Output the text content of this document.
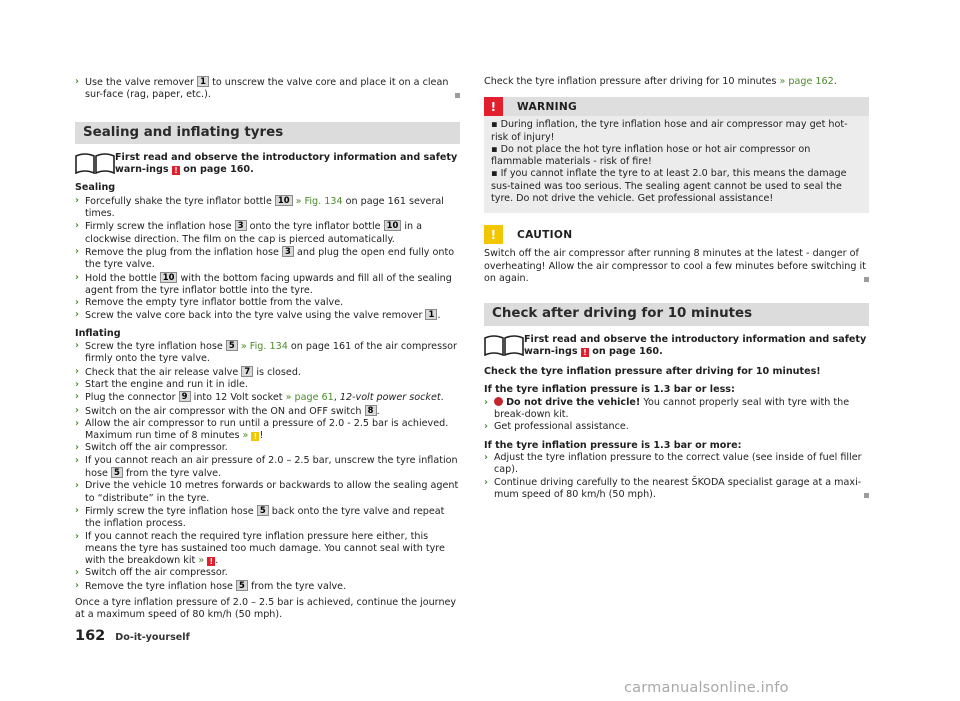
› Use the valve remover 1 to unscrew the valve core and place it on a clean sur-face (rag, paper, etc.).

Sealing and inflating tyres

First read and observe the introductory information and safety warn-ings ! on page 160.

Sealing

› Forcefully shake the tyre inflator bottle 10 » Fig. 134 on page 161 several times.

› Firmly screw the inflation hose 3 onto the tyre inflator bottle 10 in a clockwise direction. The film on the cap is pierced automatically.

› Remove the plug from the inflation hose 3 and plug the open end fully onto the tyre valve.

› Hold the bottle 10 with the bottom facing upwards and fill all of the sealing agent from the tyre inflator bottle into the tyre.

› Remove the empty tyre inflator bottle from the valve.

› Screw the valve core back into the tyre valve using the valve remover 1 .

Inflating

› Screw the tyre inflation hose 5 » Fig. 134 on page 161 of the air compressor firmly onto the tyre valve.

› Check that the air release valve 7 is closed.

› Start the engine and run it in idle.

› Plug the connector 9 into 12 Volt socket » page 61, 12-volt power socket.

› Switch on the air compressor with the ON and OFF switch 8 .

› Allow the air compressor to run until a pressure of 2.0 - 2.5 bar is achieved. Maximum run time of 8 minutes » ! !

› Switch off the air compressor.

› If you cannot reach an air pressure of 2.0 – 2.5 bar, unscrew the tyre inflation hose 5 from the tyre valve.

› Drive the vehicle 10 metres forwards or backwards to allow the sealing agent to “distribute” in the tyre.

› Firmly screw the tyre inflation hose 5 back onto the tyre valve and repeat the inflation process.

› If you cannot reach the required tyre inflation pressure here either, this means the tyre has sustained too much damage. You cannot seal with tyre with the breakdown kit » ! .

› Switch off the air compressor.

› Remove the tyre inflation hose 5 from the tyre valve.

Once a tyre inflation pressure of 2.0 – 2.5 bar is achieved, continue the journey at a maximum speed of 80 km/h (50 mph).

Check the tyre inflation pressure after driving for 10 minutes » page 162.

!	WARNING

▪ During inflation, the tyre inflation hose and air compressor may get hot- risk of injury!

▪ Do not place the hot tyre inflation hose or hot air compressor on flammable materials - risk of fire!

▪ If you cannot inflate the tyre to at least 2.0 bar, this means the damage sus-tained was too serious. The sealing agent cannot be used to seal the tyre. Do not drive the vehicle. Get professional assistance!

!	CAUTION

Switch off the air compressor after running 8 minutes at the latest - danger of overheating! Allow the air compressor to cool a few minutes before switching it on again.

Check after driving for 10 minutes

First read and observe the introductory information and safety warn-ings ! on page 160.

Check the tyre inflation pressure after driving for 10 minutes!

If the tyre inflation pressure is 1.3 bar or less:

› Do not drive the vehicle! You cannot properly seal with tyre with the break-down kit.

› Get professional assistance.

If the tyre inflation pressure is 1.3 bar or more:

› Adjust the tyre inflation pressure to the correct value (see inside of fuel filler cap).

› Continue driving carefully to the nearest ŠKODA specialist garage at a maxi-mum speed of 80 km/h (50 mph).

162 Do-it-yourself
carmanualsonline.info
